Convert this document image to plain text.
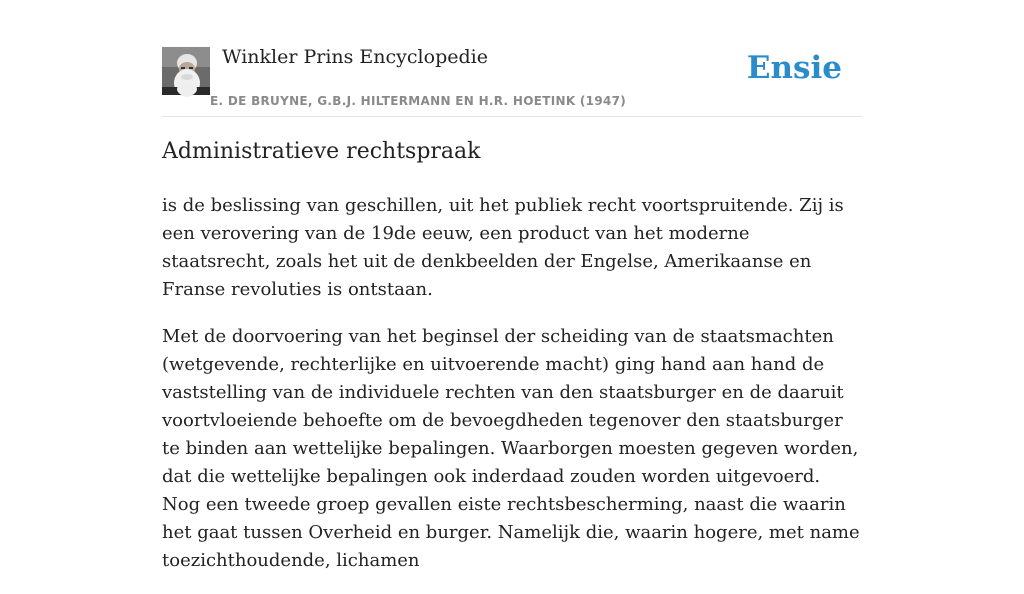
Winkler Prins Encyclopedie
E. DE BRUYNE, G.B.J. HILTERMANN EN H.R. HOETINK (1947)
Ensie
Administratieve rechtspraak

is de beslissing van geschillen, uit het publiek recht voortspruitende. Zij is een verovering van de 19de eeuw, een product van het moderne staatsrecht, zoals het uit de denkbeelden der Engelse, Amerikaanse en Franse revoluties is ontstaan.

Met de doorvoering van het beginsel der scheiding van de staatsmachten (wetgevende, rechterlijke en uitvoerende macht) ging hand aan hand de vaststelling van de individuele rechten van den staatsburger en de daaruit voortvloeiende behoefte om de bevoegdheden tegenover den staatsburger te binden aan wettelijke bepalingen. Waarborgen moesten gegeven worden, dat die wettelijke bepalingen ook inderdaad zouden worden uitgevoerd. Nog een tweede groep gevallen eiste rechtsbescherming, naast die waarin het gaat tussen Overheid en burger. Namelijk die, waarin hogere, met name toezichthoudende, lichamen
